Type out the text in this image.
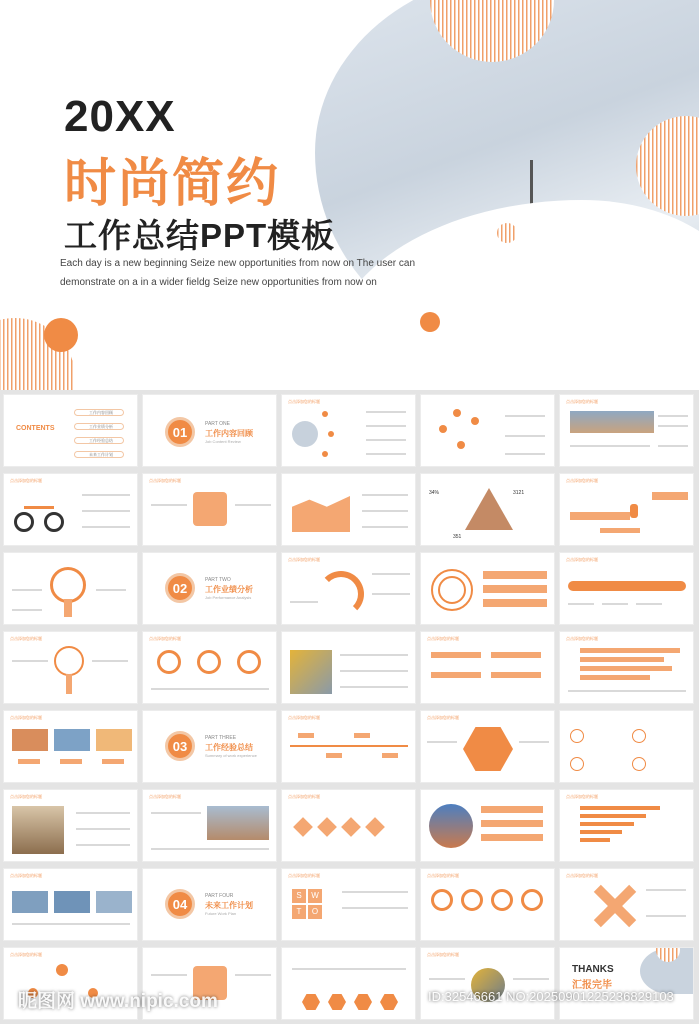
20XX
时尚简约
工作总结PPT模板
Each day is a new beginning Seize new opportunities from now on The user can
demonstrate on a in a wider fieldg Seize new opportunities from now on
CONTENTS
工作内容回顾
工作业绩分析
工作经验总结
未来工作计划
01
PART ONE
工作内容回顾
Job Content Review
点击添加您的标题	点击添加您的标题
点击添加您的标题	点击添加您的标题
34%	3121
351
点击添加您的标题
02
PART TWO
工作业绩分析
Job Performance Analysis
点击添加您的标题	点击添加您的标题
点击添加您的标题	点击添加您的标题	点击添加您的标题	点击添加您的标题
点击添加您的标题
03
PART THREE
工作经验总结
Summary of work experience
点击添加您的标题	点击添加您的标题
点击添加您的标题	点击添加您的标题	点击添加您的标题	点击添加您的标题
点击添加您的标题
04
PART FOUR
未来工作计划
Future Work Plan
点击添加您的标题
S	W
T	O
点击添加您的标题	点击添加您的标题
点击添加您的标题	点击添加您的标题
THANKS
汇报完毕
昵图网 www.nipic.com	ID:32546661 NO:20250901225236829103
